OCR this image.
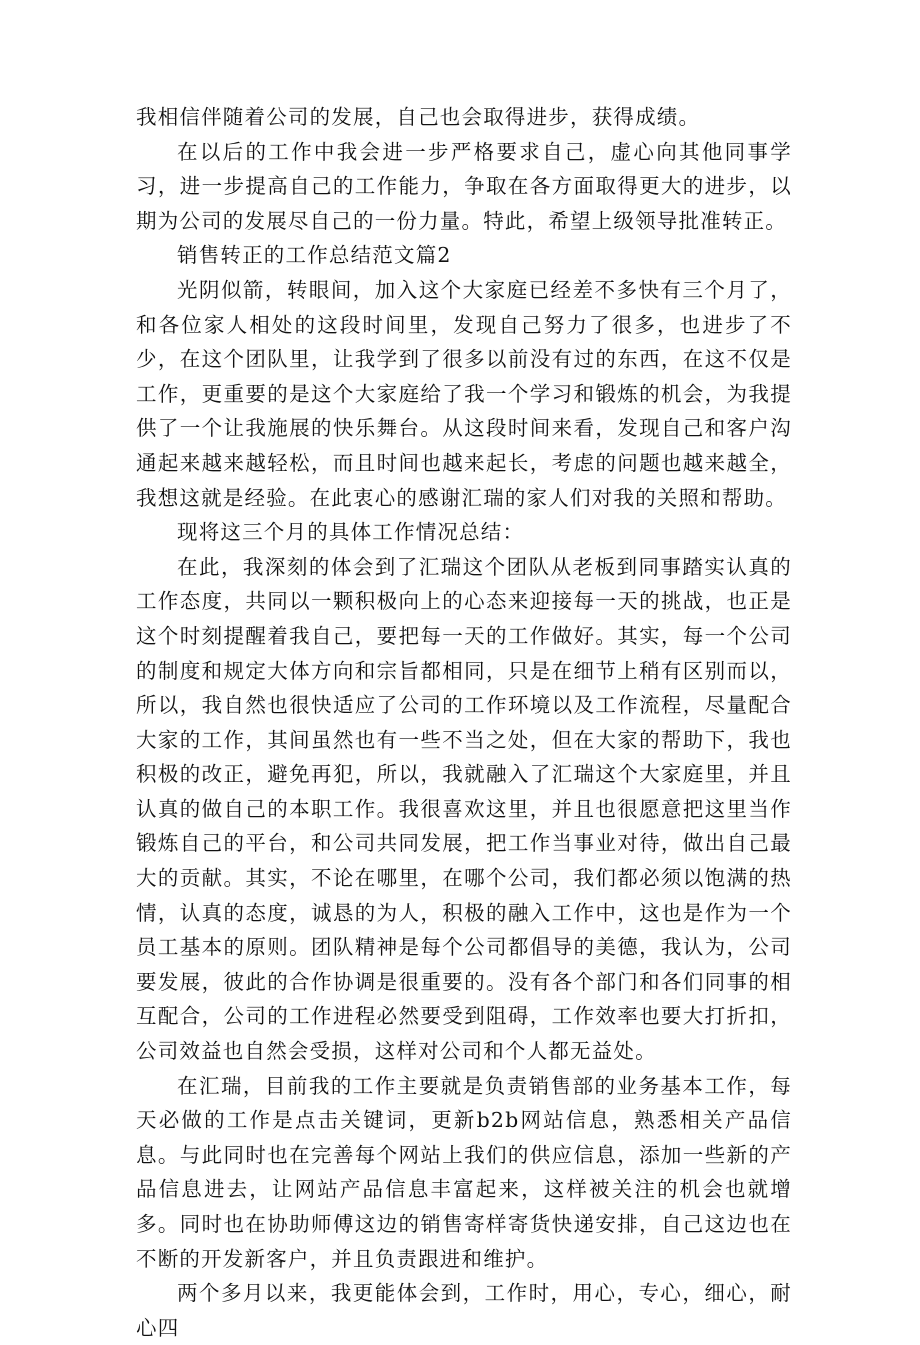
我相信伴随着公司的发展，自己也会取得进步，获得成绩。

在以后的工作中我会进一步严格要求自己，虚心向其他同事学习，进一步提高自己的工作能力，争取在各方面取得更大的进步，以期为公司的发展尽自己的一份力量。特此，希望上级领导批准转正。

销售转正的工作总结范文篇2

光阴似箭，转眼间，加入这个大家庭已经差不多快有三个月了，和各位家人相处的这段时间里，发现自己努力了很多，也进步了不少，在这个团队里，让我学到了很多以前没有过的东西，在这不仅是工作，更重要的是这个大家庭给了我一个学习和锻炼的机会，为我提供了一个让我施展的快乐舞台。从这段时间来看，发现自己和客户沟通起来越来越轻松，而且时间也越来起长，考虑的问题也越来越全，我想这就是经验。在此衷心的感谢汇瑞的家人们对我的关照和帮助。

现将这三个月的具体工作情况总结：

在此，我深刻的体会到了汇瑞这个团队从老板到同事踏实认真的工作态度，共同以一颗积极向上的心态来迎接每一天的挑战，也正是这个时刻提醒着我自己，要把每一天的工作做好。其实，每一个公司的制度和规定大体方向和宗旨都相同，只是在细节上稍有区别而以，所以，我自然也很快适应了公司的工作环境以及工作流程，尽量配合大家的工作，其间虽然也有一些不当之处，但在大家的帮助下，我也积极的改正，避免再犯，所以，我就融入了汇瑞这个大家庭里，并且认真的做自己的本职工作。我很喜欢这里，并且也很愿意把这里当作锻炼自己的平台，和公司共同发展，把工作当事业对待，做出自己最大的贡献。其实，不论在哪里，在哪个公司，我们都必须以饱满的热情，认真的态度，诚恳的为人，积极的融入工作中，这也是作为一个员工基本的原则。团队精神是每个公司都倡导的美德，我认为，公司要发展，彼此的合作协调是很重要的。没有各个部门和各们同事的相互配合，公司的工作进程必然要受到阻碍，工作效率也要大打折扣，公司效益也自然会受损，这样对公司和个人都无益处。

在汇瑞，目前我的工作主要就是负责销售部的业务基本工作，每天必做的工作是点击关键词，更新b2b网站信息，熟悉相关产品信息。与此同时也在完善每个网站上我们的供应信息，添加一些新的产品信息进去，让网站产品信息丰富起来，这样被关注的机会也就增多。同时也在协助师傅这边的销售寄样寄货快递安排，自己这边也在不断的开发新客户，并且负责跟进和维护。

两个多月以来，我更能体会到，工作时，用心，专心，细心，耐心四
